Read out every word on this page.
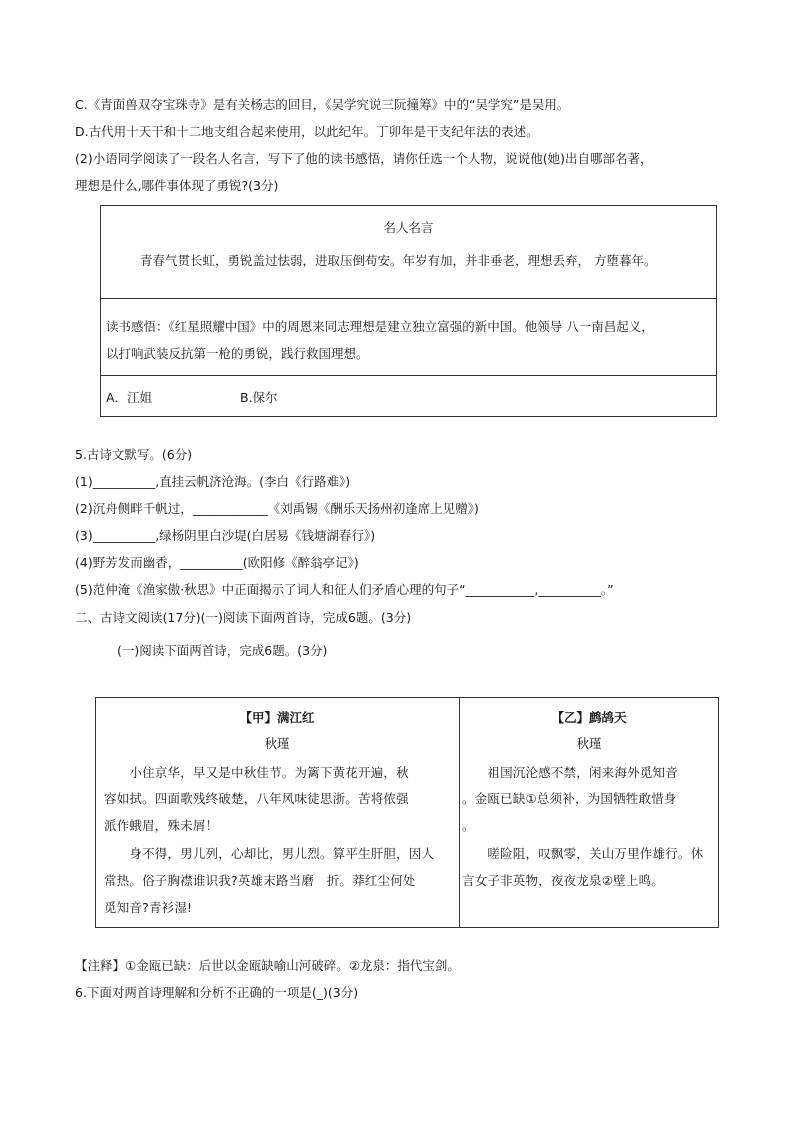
C.《青面兽双夺宝珠寺》是有关杨志的回目，《吴学究说三阮撞筹》中的“吴学究”是吴用。
D.古代用十天干和十二地支组合起来使用，以此纪年。丁卯年是干支纪年法的表述。
(2)小语同学阅读了一段名人名言，写下了他的读书感悟，请你任选一个人物，说说他(她)出自哪部名著，
理想是什么,哪件事体现了勇锐?(3分)
名人名言
青春气贯长虹，勇锐盖过怯弱，进取压倒苟安。年岁有加，并非垂老，理想丢弃， 方堕暮年。
读书感悟：《红星照耀中国》中的周恩来同志理想是建立独立富强的新中国。他领导 八一南昌起义，
以打响武装反抗第一枪的勇锐，践行救国理想。
A．江姐	B.保尔
5.古诗文默写。(6分)
(1)__________,直挂云帆济沧海。(李白《行路难》)
(2)沉舟侧畔千帆过，____________《刘禹锡《酬乐天扬州初逢席上见赠》)
(3)__________,绿杨阴里白沙堤(白居易《钱塘湖春行》)
(4)野芳发而幽香，__________(欧阳修《醉翁亭记》)
(5)范仲淹《渔家傲·秋思》中正面揭示了词人和征人们矛盾心理的句子“___________,__________。”
二、古诗文阅读(17分)(一)阅读下面两首诗，完成6题。(3分)
(一)阅读下面两首诗，完成6题。(3分)
【甲】满江红
秋瑾
　　小住京华，早又是中秋佳节。为篱下黄花开遍，秋
容如拭。四面歌残终破楚，八年风味徒思浙。苦将侬强
派作蛾眉，殊未屑！
　　身不得，男儿列，心却比，男儿烈。算平生肝胆，因人
常热。俗子胸襟谁识我?英雄末路当磨　折。莽红尘何处
觅知音?青衫湿!
【乙】鹧鸪天
秋瑾
　　祖国沉沦感不禁，闲来海外觅知音
。金瓯已缺①总须补，为国牺牲敢惜身
。
　　嗟险阻，叹飘零，关山万里作雄行。休
言女子非英物，夜夜龙泉②壁上鸣。
【注释】①金瓯已缺：后世以金瓯缺喻山河破碎。②龙泉：指代宝剑。
6.下面对两首诗理解和分析不正确的一项是(_)(3分)
